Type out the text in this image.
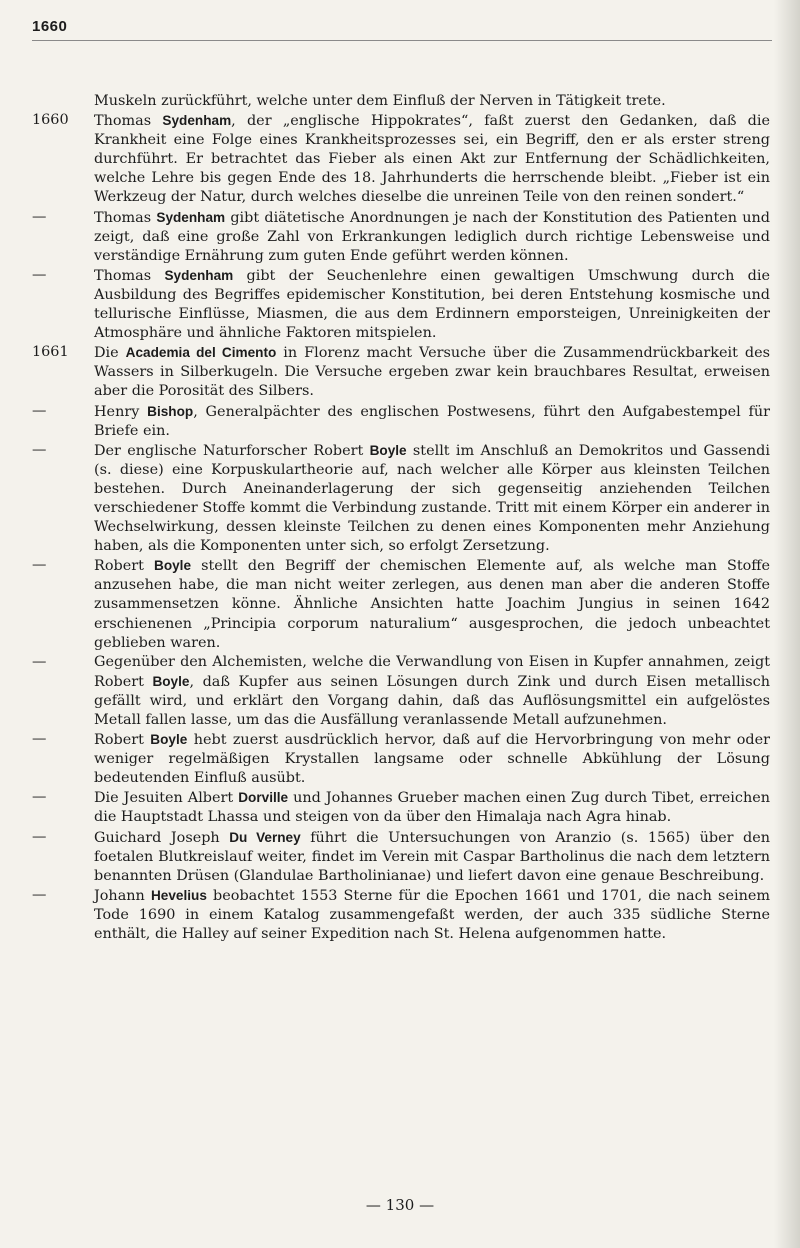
1660
Muskeln zurückführt, welche unter dem Einfluß der Nerven in Tätigkeit trete.
1660	Thomas Sydenham, der „englische Hippokrates“, faßt zuerst den Gedanken, daß die Krankheit eine Folge eines Krankheitsprozesses sei, ein Begriff, den er als erster streng durchführt. Er betrachtet das Fieber als einen Akt zur Entfernung der Schädlichkeiten, welche Lehre bis gegen Ende des 18. Jahrhunderts die herrschende bleibt. „Fieber ist ein Werkzeug der Natur, durch welches dieselbe die unreinen Teile von den reinen sondert.“
—	Thomas Sydenham gibt diätetische Anordnungen je nach der Konstitution des Patienten und zeigt, daß eine große Zahl von Erkrankungen lediglich durch richtige Lebensweise und verständige Ernährung zum guten Ende geführt werden können.
—	Thomas Sydenham gibt der Seuchenlehre einen gewaltigen Umschwung durch die Ausbildung des Begriffes epidemischer Konstitution, bei deren Entstehung kosmische und tellurische Einflüsse, Miasmen, die aus dem Erdinnern emporsteigen, Unreinigkeiten der Atmosphäre und ähnliche Faktoren mitspielen.
1661	Die Academia del Cimento in Florenz macht Versuche über die Zusammendrückbarkeit des Wassers in Silberkugeln. Die Versuche ergeben zwar kein brauchbares Resultat, erweisen aber die Porosität des Silbers.
—	Henry Bishop, Generalpächter des englischen Postwesens, führt den Aufgabestempel für Briefe ein.
—	Der englische Naturforscher Robert Boyle stellt im Anschluß an Demokritos und Gassendi (s. diese) eine Korpuskulartheorie auf, nach welcher alle Körper aus kleinsten Teilchen bestehen. Durch Aneinanderlagerung der sich gegenseitig anziehenden Teilchen verschiedener Stoffe kommt die Verbindung zustande. Tritt mit einem Körper ein anderer in Wechselwirkung, dessen kleinste Teilchen zu denen eines Komponenten mehr Anziehung haben, als die Komponenten unter sich, so erfolgt Zersetzung.
—	Robert Boyle stellt den Begriff der chemischen Elemente auf, als welche man Stoffe anzusehen habe, die man nicht weiter zerlegen, aus denen man aber die anderen Stoffe zusammensetzen könne. Ähnliche Ansichten hatte Joachim Jungius in seinen 1642 erschienenen „Principia corporum naturalium“ ausgesprochen, die jedoch unbeachtet geblieben waren.
—	Gegenüber den Alchemisten, welche die Verwandlung von Eisen in Kupfer annahmen, zeigt Robert Boyle, daß Kupfer aus seinen Lösungen durch Zink und durch Eisen metallisch gefällt wird, und erklärt den Vorgang dahin, daß das Auflösungsmittel ein aufgelöstes Metall fallen lasse, um das die Ausfällung veranlassende Metall aufzunehmen.
—	Robert Boyle hebt zuerst ausdrücklich hervor, daß auf die Hervorbringung von mehr oder weniger regelmäßigen Krystallen langsame oder schnelle Abkühlung der Lösung bedeutenden Einfluß ausübt.
—	Die Jesuiten Albert Dorville und Johannes Grueber machen einen Zug durch Tibet, erreichen die Hauptstadt Lhassa und steigen von da über den Himalaja nach Agra hinab.
—	Guichard Joseph Du Verney führt die Untersuchungen von Aranzio (s. 1565) über den foetalen Blutkreislauf weiter, findet im Verein mit Caspar Bartholinus die nach dem letztern benannten Drüsen (Glandulae Bartholinianae) und liefert davon eine genaue Beschreibung.
—	Johann Hevelius beobachtet 1553 Sterne für die Epochen 1661 und 1701, die nach seinem Tode 1690 in einem Katalog zusammengefaßt werden, der auch 335 südliche Sterne enthält, die Halley auf seiner Expedition nach St. Helena aufgenommen hatte.
— 130 —
